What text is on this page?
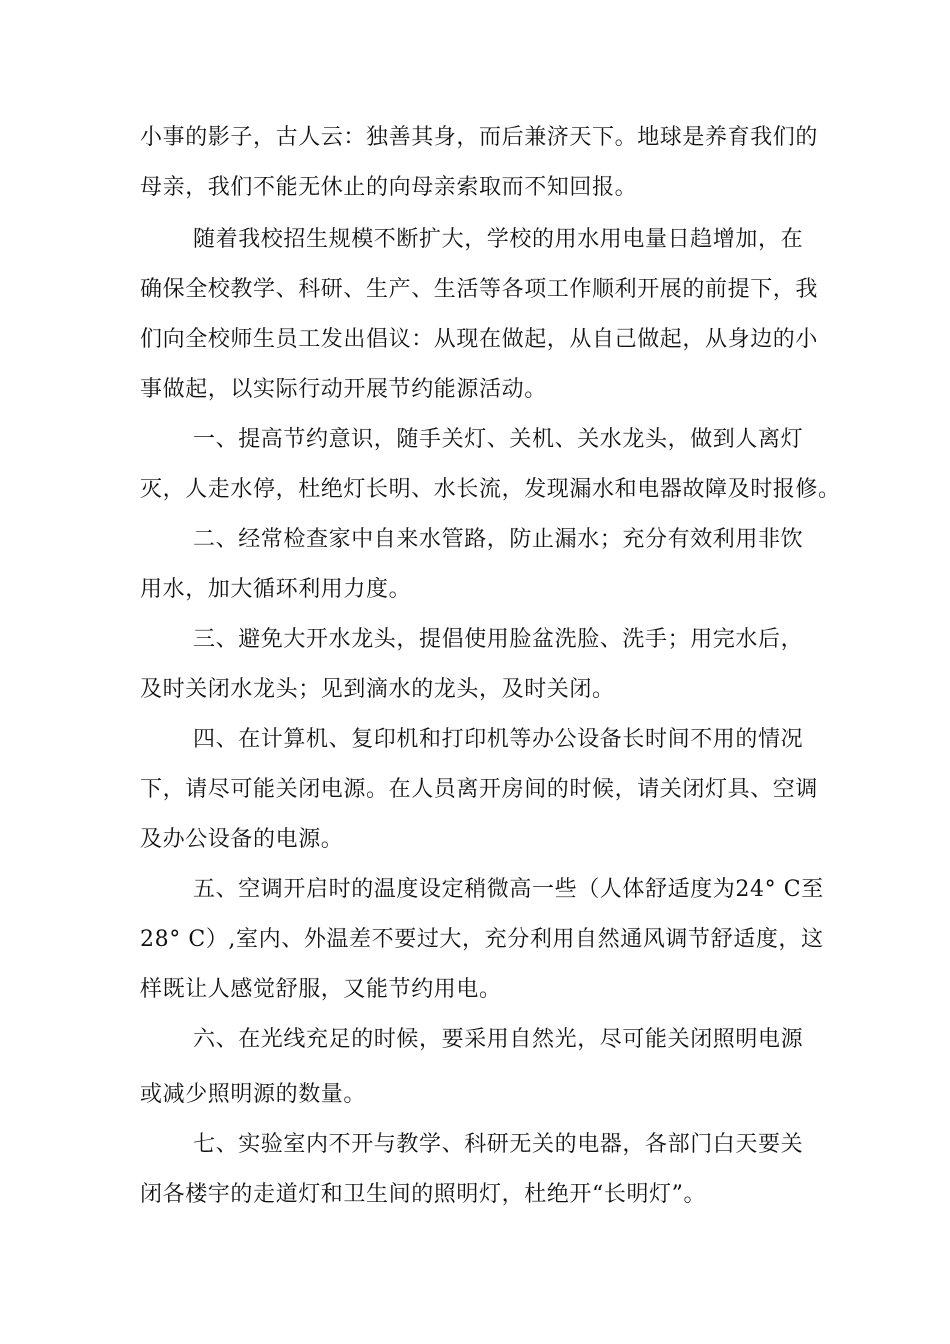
小事的影子，古人云：独善其身，而后兼济天下。地球是养育我们的

母亲，我们不能无休止的向母亲索取而不知回报。

随着我校招生规模不断扩大，学校的用水用电量日趋增加，在

确保全校教学、科研、生产、生活等各项工作顺利开展的前提下，我

们向全校师生员工发出倡议：从现在做起，从自己做起，从身边的小

事做起，以实际行动开展节约能源活动。

一、提高节约意识，随手关灯、关机、关水龙头，做到人离灯

灭，人走水停，杜绝灯长明、水长流，发现漏水和电器故障及时报修。

二、经常检查家中自来水管路，防止漏水；充分有效利用非饮

用水，加大循环利用力度。

三、避免大开水龙头，提倡使用脸盆洗脸、洗手；用完水后，

及时关闭水龙头；见到滴水的龙头，及时关闭。

四、在计算机、复印机和打印机等办公设备长时间不用的情况

下，请尽可能关闭电源。在人员离开房间的时候，请关闭灯具、空调

及办公设备的电源。

五、空调开启时的温度设定稍微高一些（人体舒适度为24° C至

28° C）,室内、外温差不要过大，充分利用自然通风调节舒适度，这

样既让人感觉舒服，又能节约用电。

六、在光线充足的时候，要采用自然光，尽可能关闭照明电源

或减少照明源的数量。

七、实验室内不开与教学、科研无关的电器，各部门白天要关

闭各楼宇的走道灯和卫生间的照明灯，杜绝开“长明灯”。
